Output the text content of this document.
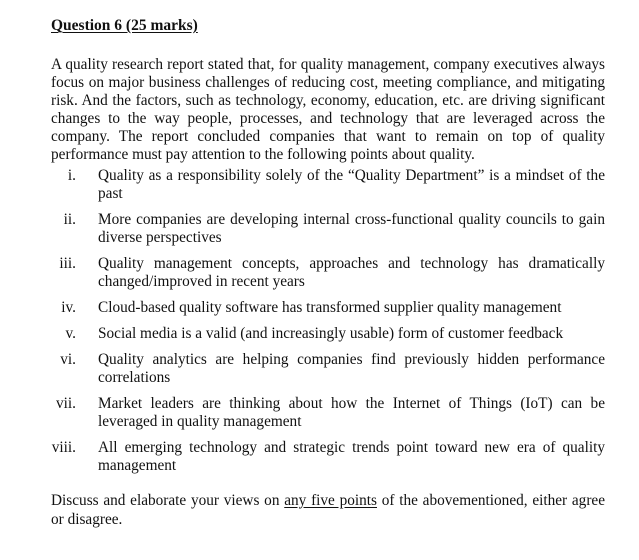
Question 6 (25 marks)

A quality research report stated that, for quality management, company executives always focus on major business challenges of reducing cost, meeting compliance, and mitigating risk. And the factors, such as technology, economy, education, etc. are driving significant changes to the way people, processes, and technology that are leveraged across the company. The report concluded companies that want to remain on top of quality performance must pay attention to the following points about quality.

i. Quality as a responsibility solely of the “Quality Department” is a mindset of the past
ii. More companies are developing internal cross-functional quality councils to gain diverse perspectives
iii. Quality management concepts, approaches and technology has dramatically changed/improved in recent years
iv. Cloud-based quality software has transformed supplier quality management
v. Social media is a valid (and increasingly usable) form of customer feedback
vi. Quality analytics are helping companies find previously hidden performance correlations
vii. Market leaders are thinking about how the Internet of Things (IoT) can be leveraged in quality management
viii. All emerging technology and strategic trends point toward new era of quality management

Discuss and elaborate your views on any five points of the abovementioned, either agree or disagree.
